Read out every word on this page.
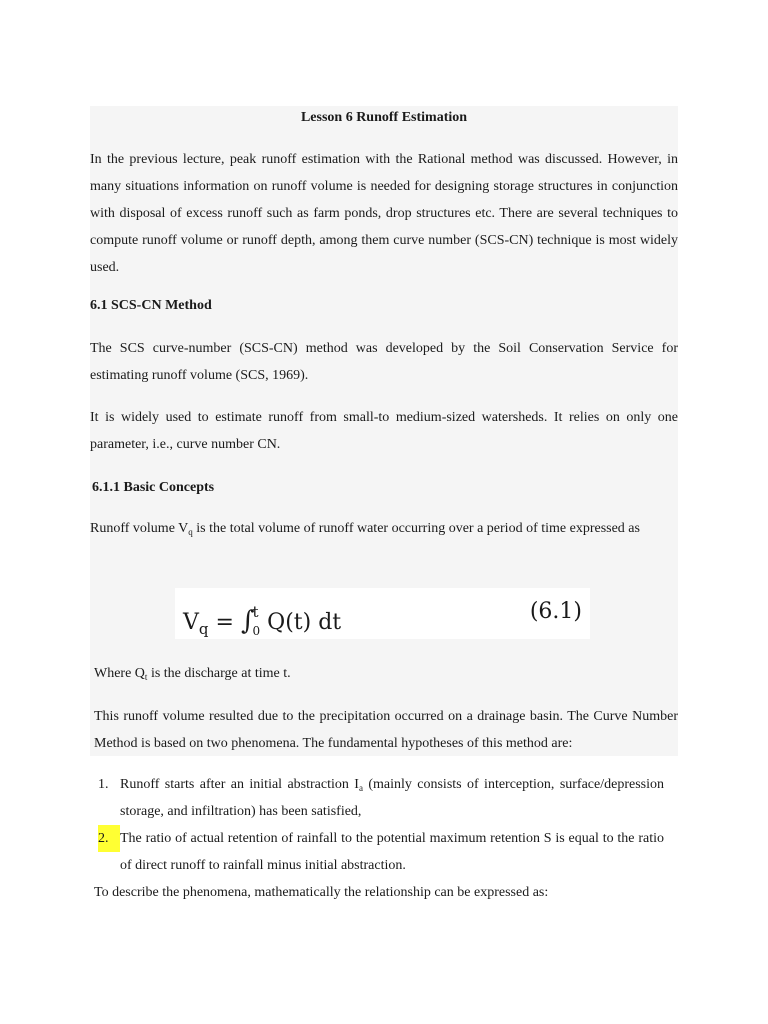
Lesson 6 Runoff Estimation
In the previous lecture, peak runoff estimation with the Rational method was discussed. However, in many situations information on runoff volume is needed for designing storage structures in conjunction with disposal of excess runoff such as farm ponds, drop structures etc. There are several techniques to compute runoff volume or runoff depth, among them curve number (SCS-CN) technique is most widely used.
6.1 SCS-CN Method
The SCS curve-number (SCS-CN) method was developed by the Soil Conservation Service for estimating runoff volume (SCS, 1969).
It is widely used to estimate runoff from small-to medium-sized watersheds. It relies on only one parameter, i.e., curve number CN.
6.1.1 Basic Concepts
Runoff volume $V_q$ is the total volume of runoff water occurring over a period of time expressed as
$V_q = \int^t_0$ Q(t) dt	(6.1)
Where $Q_t$ is the discharge at time t.
This runoff volume resulted due to the precipitation occurred on a drainage basin. The Curve Number Method is based on two phenomena. The fundamental hypotheses of this method are:
1. Runoff starts after an initial abstraction $I_a$ (mainly consists of interception, surface/depression storage, and infiltration) has been satisfied,
2. The ratio of actual retention of rainfall to the potential maximum retention S is equal to the ratio of direct runoff to rainfall minus initial abstraction.
To describe the phenomena, mathematically the relationship can be expressed as:
